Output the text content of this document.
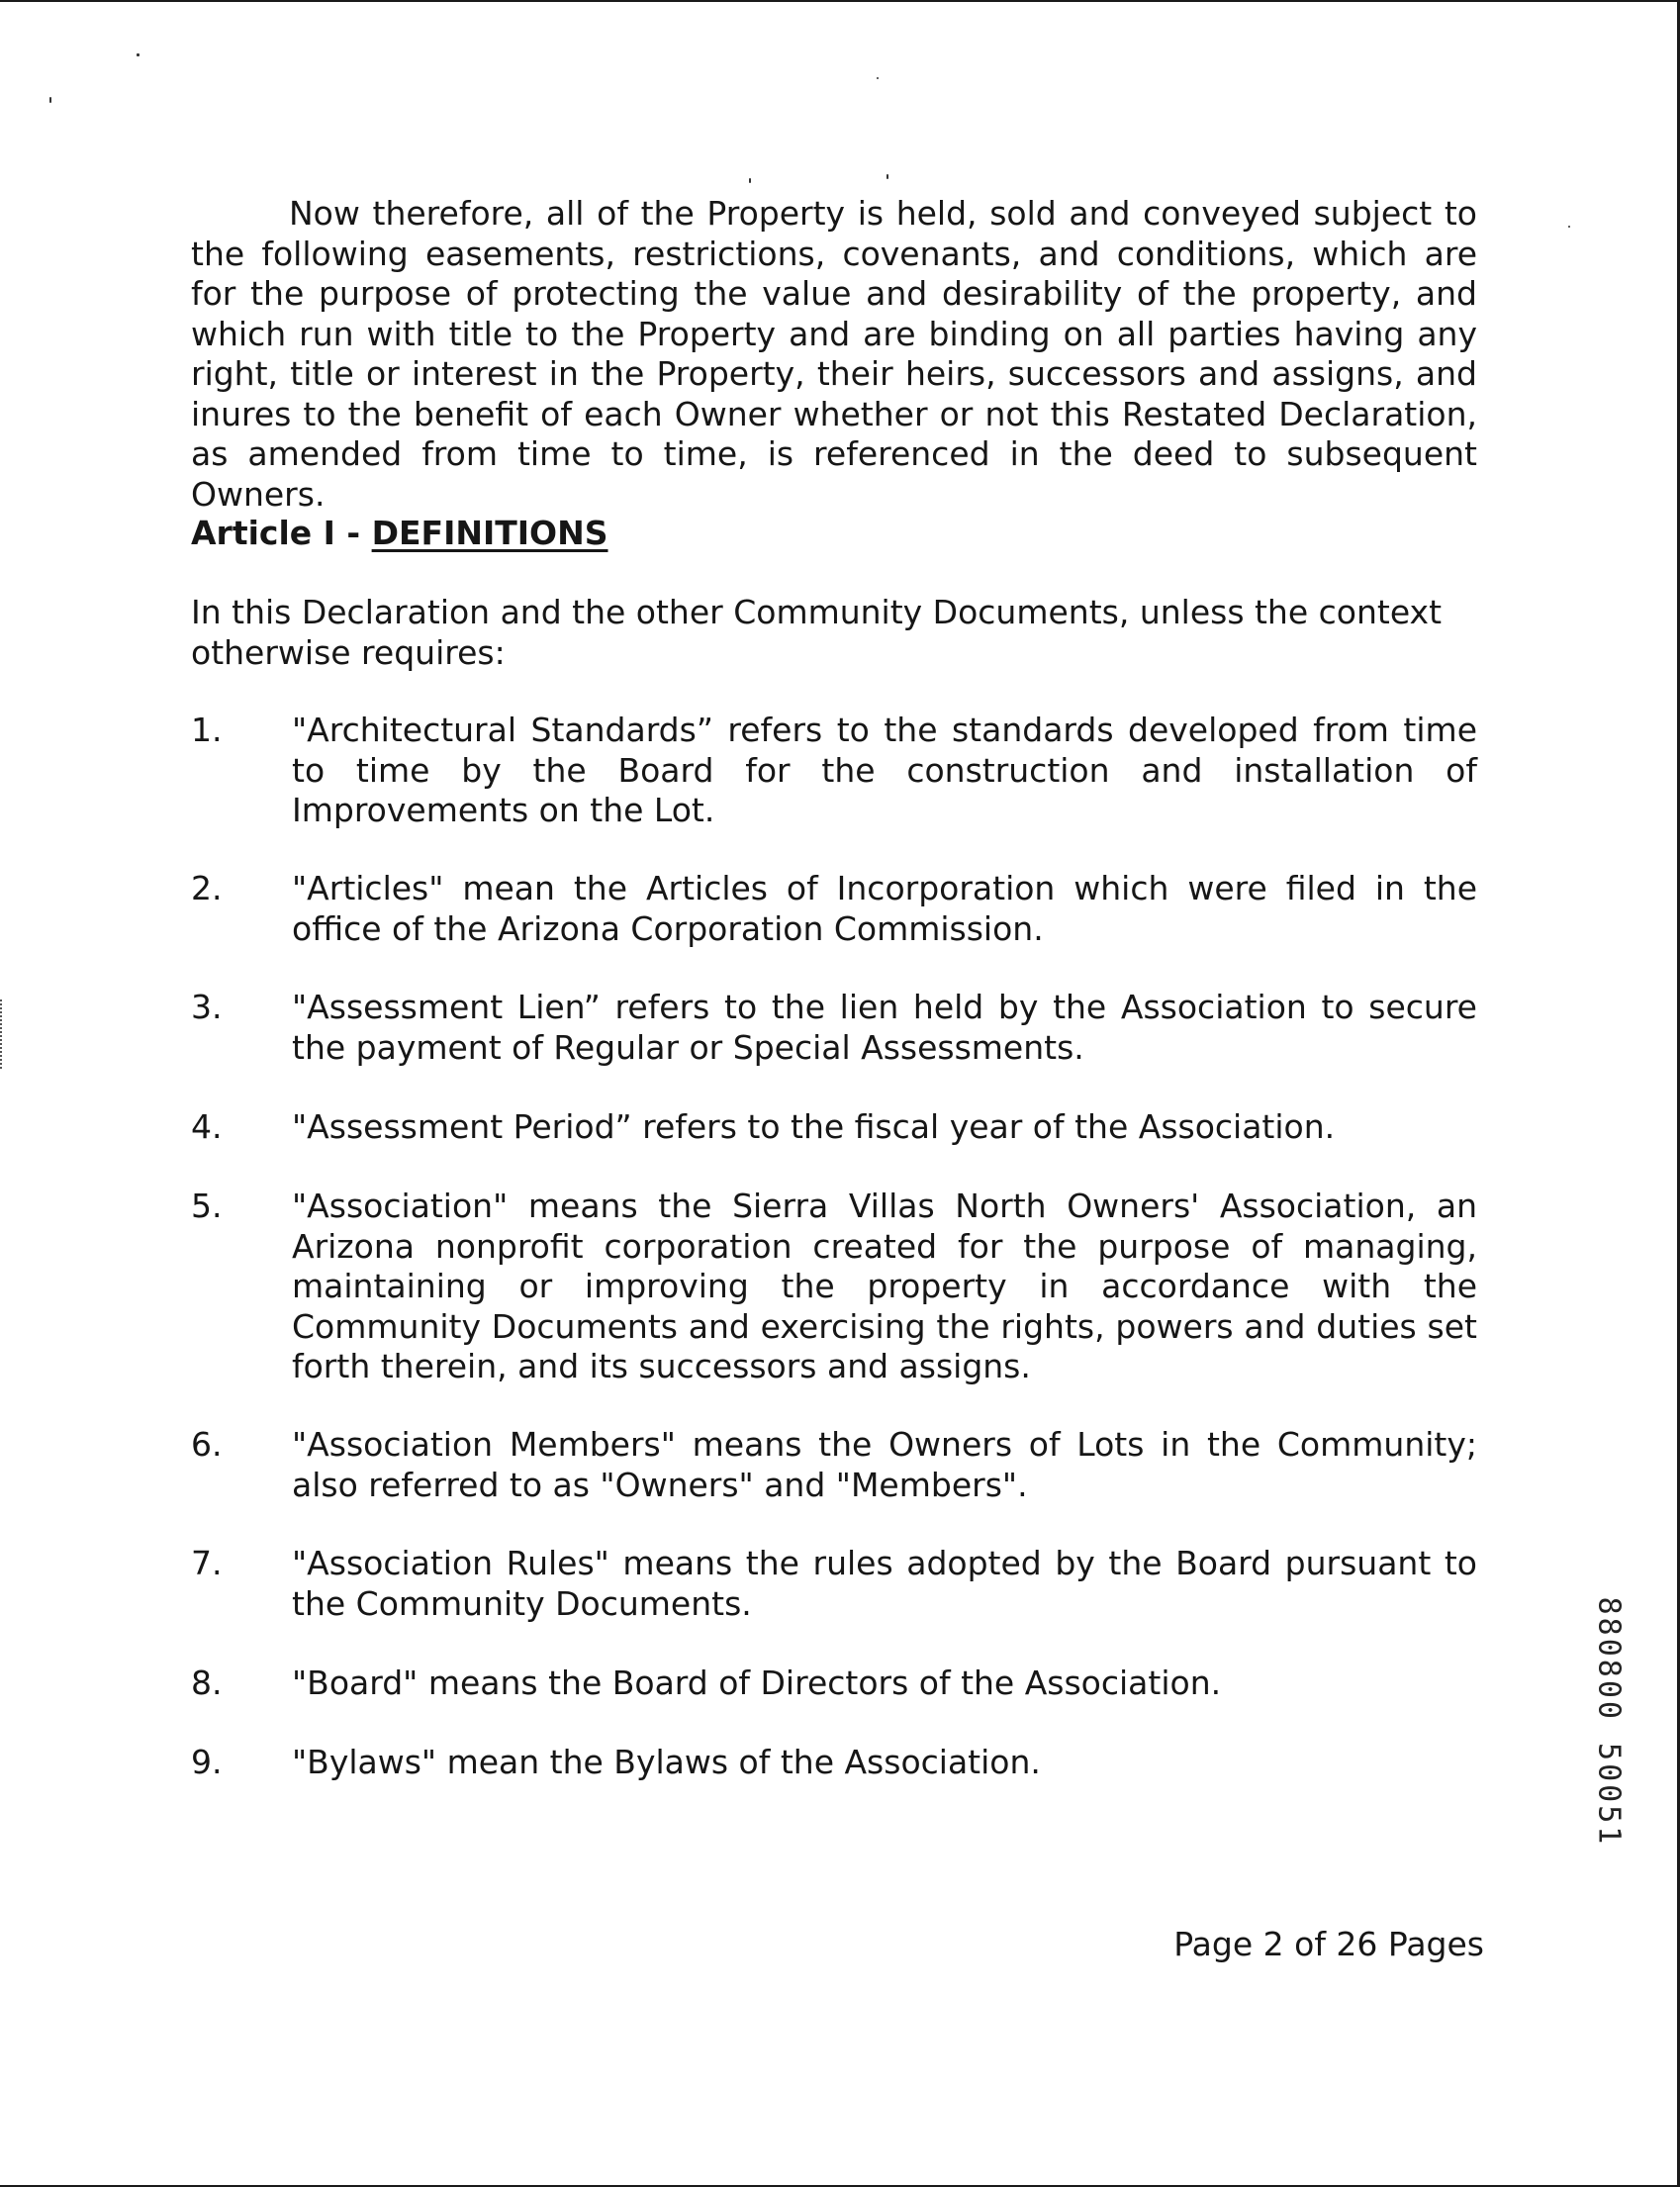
Now therefore, all of the Property is held, sold and conveyed subject to the following easements, restrictions, covenants, and conditions, which are for the purpose of protecting the value and desirability of the property, and which run with title to the Property and are binding on all parties having any right, title or interest in the Property, their heirs, successors and assigns, and inures to the benefit of each Owner whether or not this Restated Declaration, as amended from time to time, is referenced in the deed to subsequent Owners.
Article I - DEFINITIONS
In this Declaration and the other Community Documents, unless the context otherwise requires:
1. "Architectural Standards” refers to the standards developed from time to time by the Board for the construction and installation of Improvements on the Lot.
2. "Articles" mean the Articles of Incorporation which were filed in the office of the Arizona Corporation Commission.
3. "Assessment Lien” refers to the lien held by the Association to secure the payment of Regular or Special Assessments.
4. "Assessment Period” refers to the fiscal year of the Association.
5. "Association" means the Sierra Villas North Owners' Association, an Arizona nonprofit corporation created for the purpose of managing, maintaining or improving the property in accordance with the Community Documents and exercising the rights, powers and duties set forth therein, and its successors and assigns.
6. "Association Members" means the Owners of Lots in the Community; also referred to as "Owners" and "Members".
7. "Association Rules" means the rules adopted by the Board pursuant to the Community Documents.
8. "Board" means the Board of Directors of the Association.
9. "Bylaws" mean the Bylaws of the Association.
Page 2 of 26 Pages
880800 50051
